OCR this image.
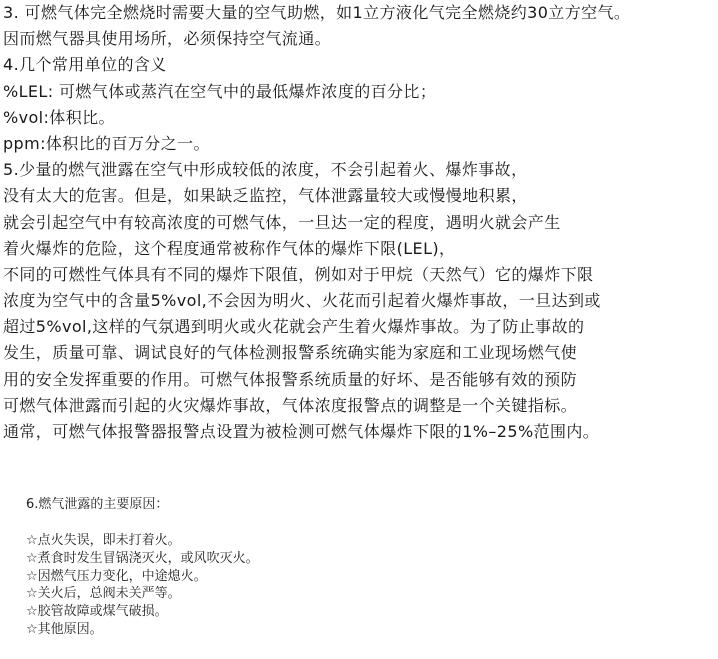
3. 可燃气体完全燃烧时需要大量的空气助燃，如1立方液化气完全燃烧约30立方空气。
因而燃气器具使用场所，必须保持空气流通。
4.几个常用单位的含义
%LEL: 可燃气体或蒸汽在空气中的最低爆炸浓度的百分比；
%vol:体积比。
ppm:体积比的百万分之一。
5.少量的燃气泄露在空气中形成较低的浓度，不会引起着火、爆炸事故，
没有太大的危害。但是，如果缺乏监控，气体泄露量较大或慢慢地积累，
就会引起空气中有较高浓度的可燃气体，一旦达一定的程度，遇明火就会产生
着火爆炸的危险，这个程度通常被称作气体的爆炸下限(LEL)，
不同的可燃性气体具有不同的爆炸下限值，例如对于甲烷（天然气）它的爆炸下限
浓度为空气中的含量5%vol,不会因为明火、火花而引起着火爆炸事故，一旦达到或
超过5%vol,这样的气氛遇到明火或火花就会产生着火爆炸事故。为了防止事故的
发生，质量可靠、调试良好的气体检测报警系统确实能为家庭和工业现场燃气使
用的安全发挥重要的作用。可燃气体报警系统质量的好坏、是否能够有效的预防
可燃气体泄露而引起的火灾爆炸事故，气体浓度报警点的调整是一个关键指标。
通常，可燃气体报警器报警点设置为被检测可燃气体爆炸下限的1%–25%范围内。
6.燃气泄露的主要原因：
☆点火失误，即未打着火。
☆煮食时发生冒锅浇灭火，或风吹灭火。
☆因燃气压力变化，中途熄火。
☆关火后，总阀未关严等。
☆胶管故障或煤气破损。
☆其他原因。
